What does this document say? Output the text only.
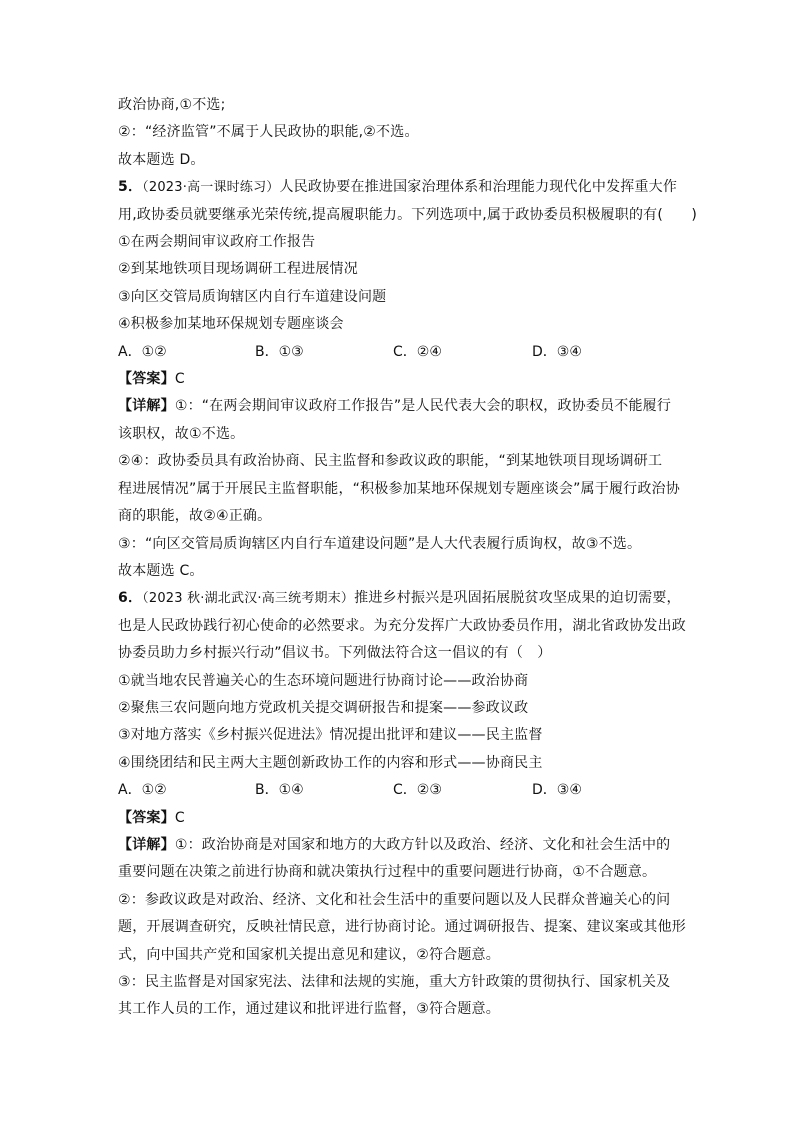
政治协商,①不选;
②：“经济监管”不属于人民政协的职能,②不选。
故本题选 D。
5．（2023·高一课时练习）人民政协要在推进国家治理体系和治理能力现代化中发挥重大作
用,政协委员就要继承光荣传统,提高履职能力。下列选项中,属于政协委员积极履职的有(　　)
①在两会期间审议政府工作报告
②到某地铁项目现场调研工程进展情况
③向区交管局质询辖区内自行车道建设问题
④积极参加某地环保规划专题座谈会
A．①②	B．①③	C．②④	D．③④
【答案】C
【详解】①：“在两会期间审议政府工作报告”是人民代表大会的职权，政协委员不能履行
该职权，故①不选。
②④：政协委员具有政治协商、民主监督和参政议政的职能，“到某地铁项目现场调研工
程进展情况”属于开展民主监督职能，“积极参加某地环保规划专题座谈会”属于履行政治协
商的职能，故②④正确。
③：“向区交管局质询辖区内自行车道建设问题”是人大代表履行质询权，故③不选。
故本题选 C。
6．（2023 秋·湖北武汉·高三统考期末）推进乡村振兴是巩固拓展脱贫攻坚成果的迫切需要，
也是人民政协践行初心使命的必然要求。为充分发挥广大政协委员作用，湖北省政协发出政
协委员助力乡村振兴行动”倡议书。下列做法符合这一倡议的有（　）
①就当地农民普遍关心的生态环境问题进行协商讨论——政治协商
②聚焦三农问题向地方党政机关提交调研报告和提案——参政议政
③对地方落实《乡村振兴促进法》情况提出批评和建议——民主监督
④围绕团结和民主两大主题创新政协工作的内容和形式——协商民主
A．①②	B．①④	C．②③	D．③④
【答案】C
【详解】①：政治协商是对国家和地方的大政方针以及政治、经济、文化和社会生活中的
重要问题在决策之前进行协商和就决策执行过程中的重要问题进行协商，①不合题意。
②：参政议政是对政治、经济、文化和社会生活中的重要问题以及人民群众普遍关心的问
题，开展调查研究，反映社情民意，进行协商讨论。通过调研报告、提案、建议案或其他形
式，向中国共产党和国家机关提出意见和建议，②符合题意。
③：民主监督是对国家宪法、法律和法规的实施，重大方针政策的贯彻执行、国家机关及
其工作人员的工作，通过建议和批评进行监督，③符合题意。
